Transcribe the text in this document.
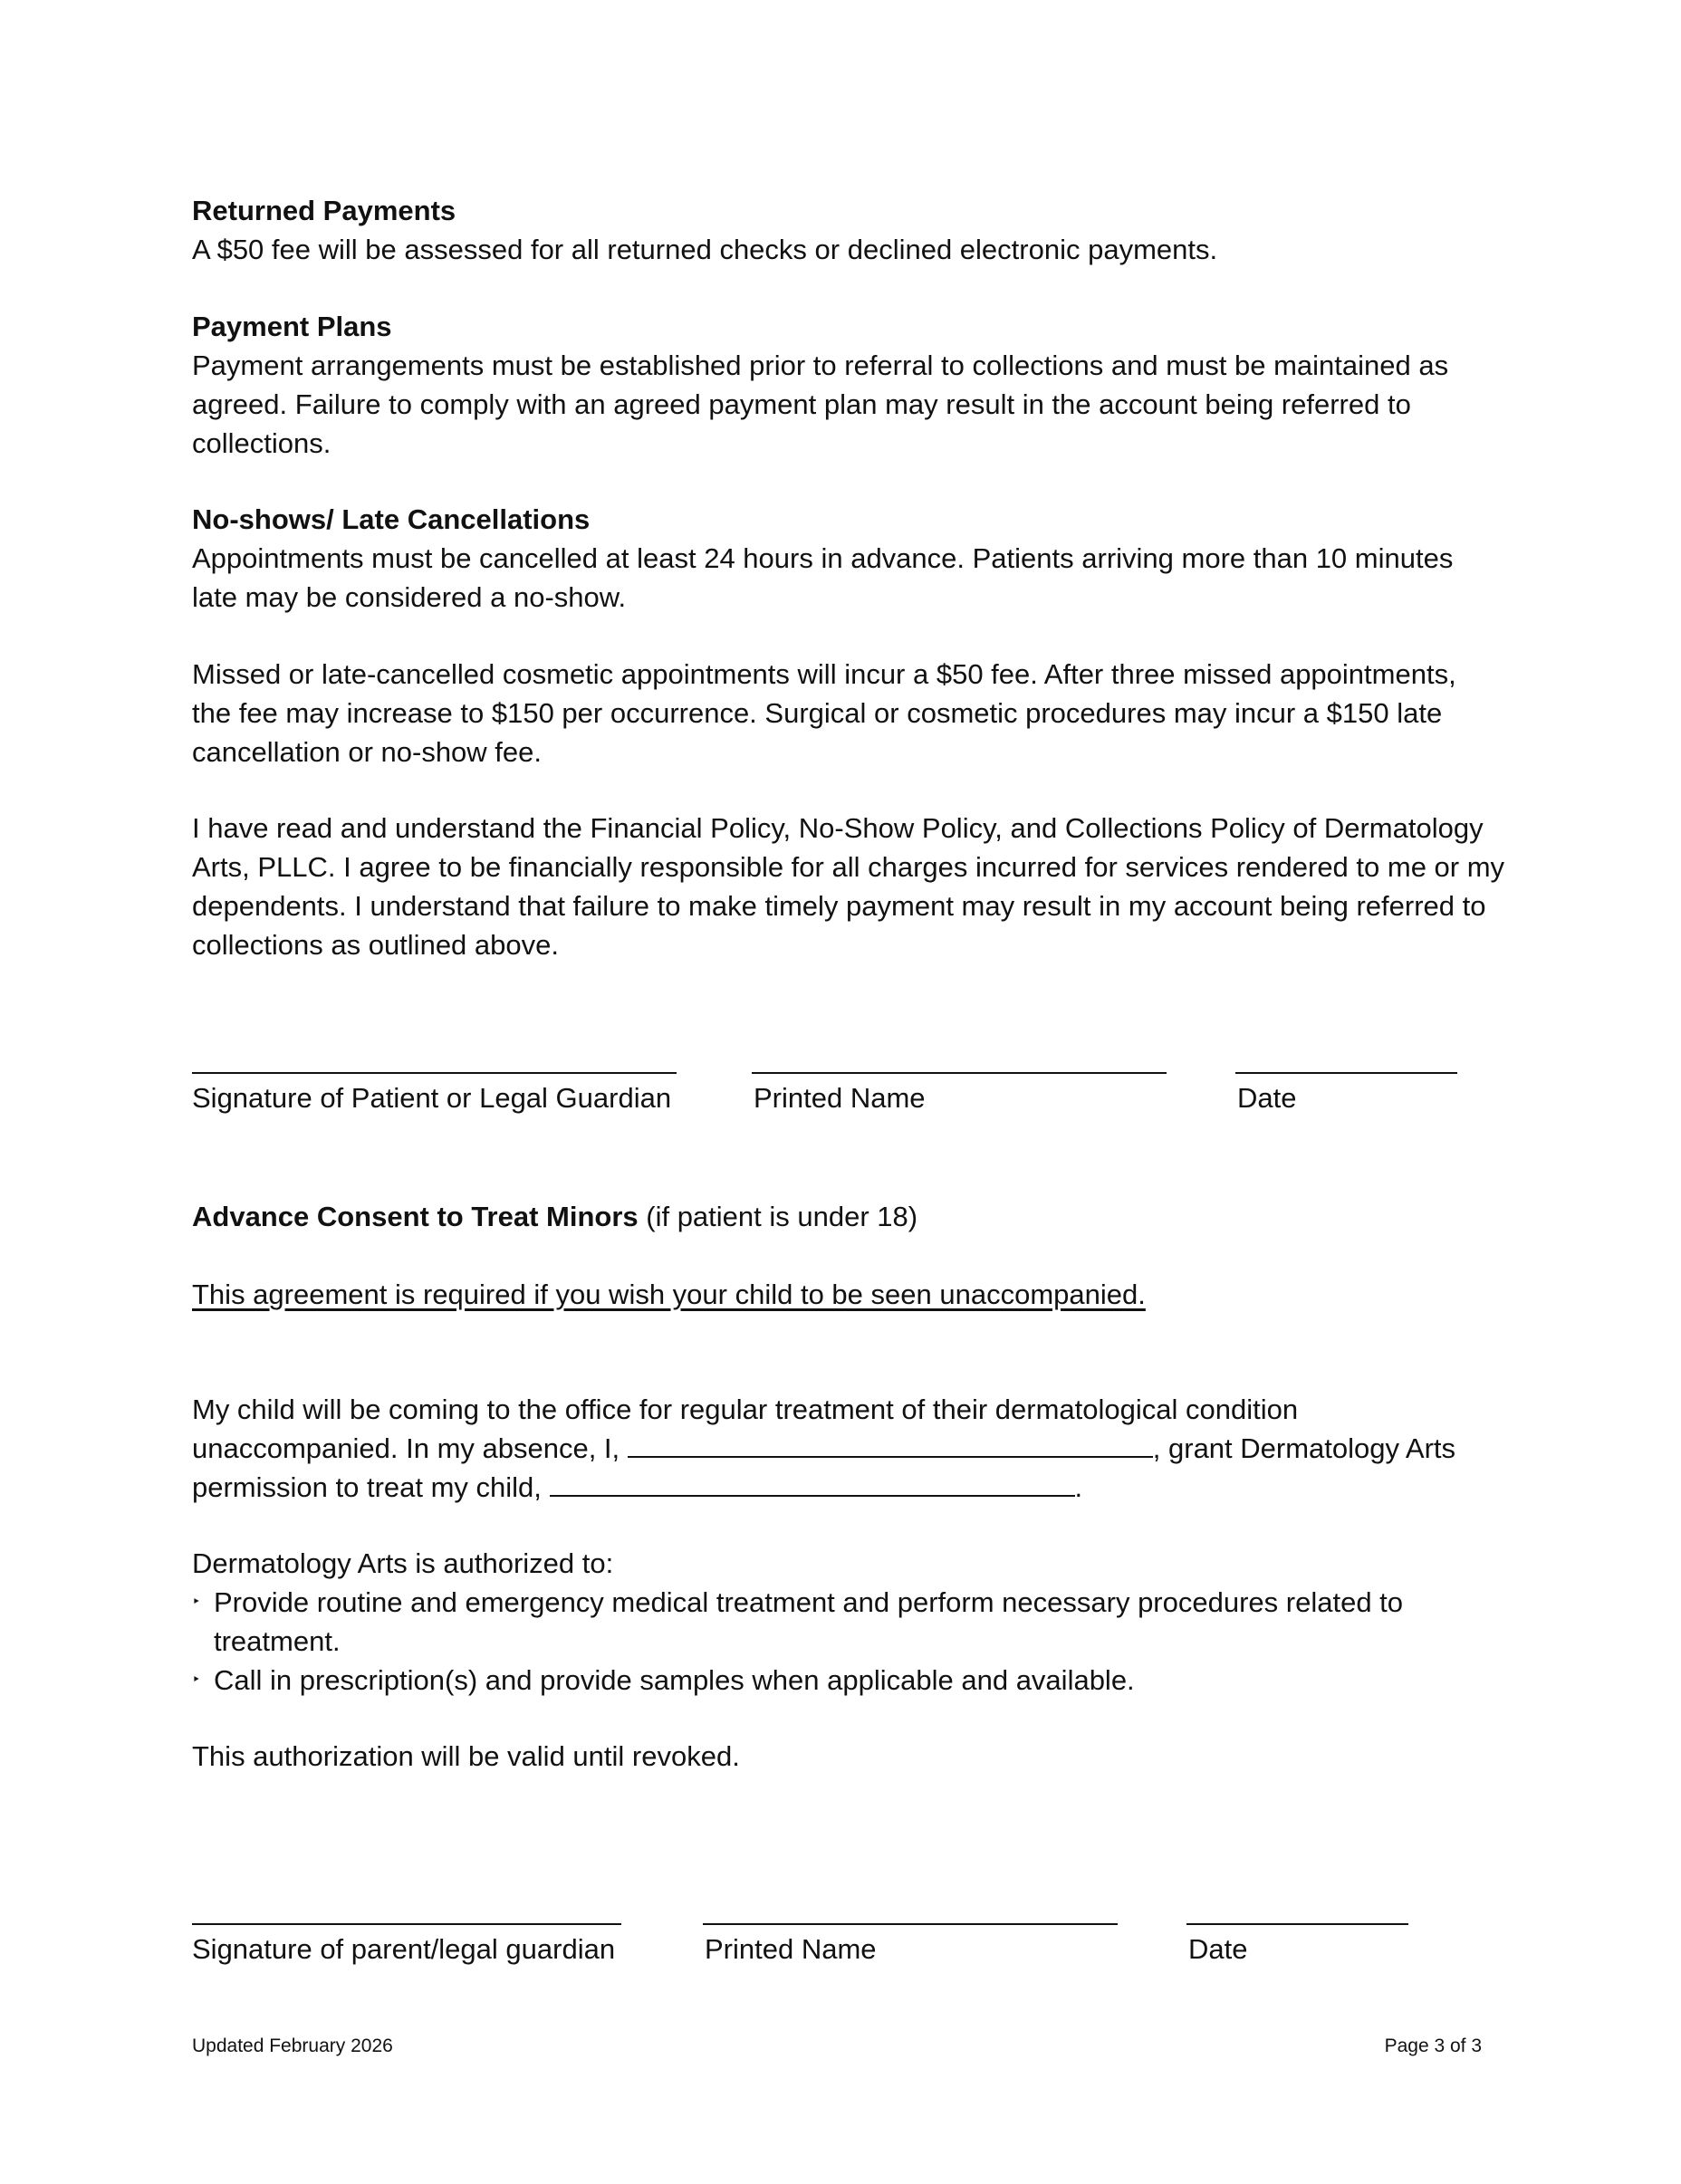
Returned Payments
A $50 fee will be assessed for all returned checks or declined electronic payments.
Payment Plans
Payment arrangements must be established prior to referral to collections and must be maintained as agreed. Failure to comply with an agreed payment plan may result in the account being referred to collections.
No-shows/ Late Cancellations
Appointments must be cancelled at least 24 hours in advance. Patients arriving more than 10 minutes late may be considered a no-show.
Missed or late-cancelled cosmetic appointments will incur a $50 fee. After three missed appointments, the fee may increase to $150 per occurrence. Surgical or cosmetic procedures may incur a $150 late cancellation or no-show fee.
I have read and understand the Financial Policy, No-Show Policy, and Collections Policy of Dermatology Arts, PLLC. I agree to be financially responsible for all charges incurred for services rendered to me or my dependents. I understand that failure to make timely payment may result in my account being referred to collections as outlined above.
Signature of Patient or Legal Guardian	Printed Name	Date
Advance Consent to Treat Minors (if patient is under 18)
This agreement is required if you wish your child to be seen unaccompanied.
My child will be coming to the office for regular treatment of their dermatological condition unaccompanied. In my absence, I,	, grant Dermatology Arts permission to treat my child,	.
Dermatology Arts is authorized to:
‣ Provide routine and emergency medical treatment and perform necessary procedures related to treatment.
‣ Call in prescription(s) and provide samples when applicable and available.
This authorization will be valid until revoked.
Signature of parent/legal guardian	Printed Name	Date
Updated February 2026	Page 3 of 3
